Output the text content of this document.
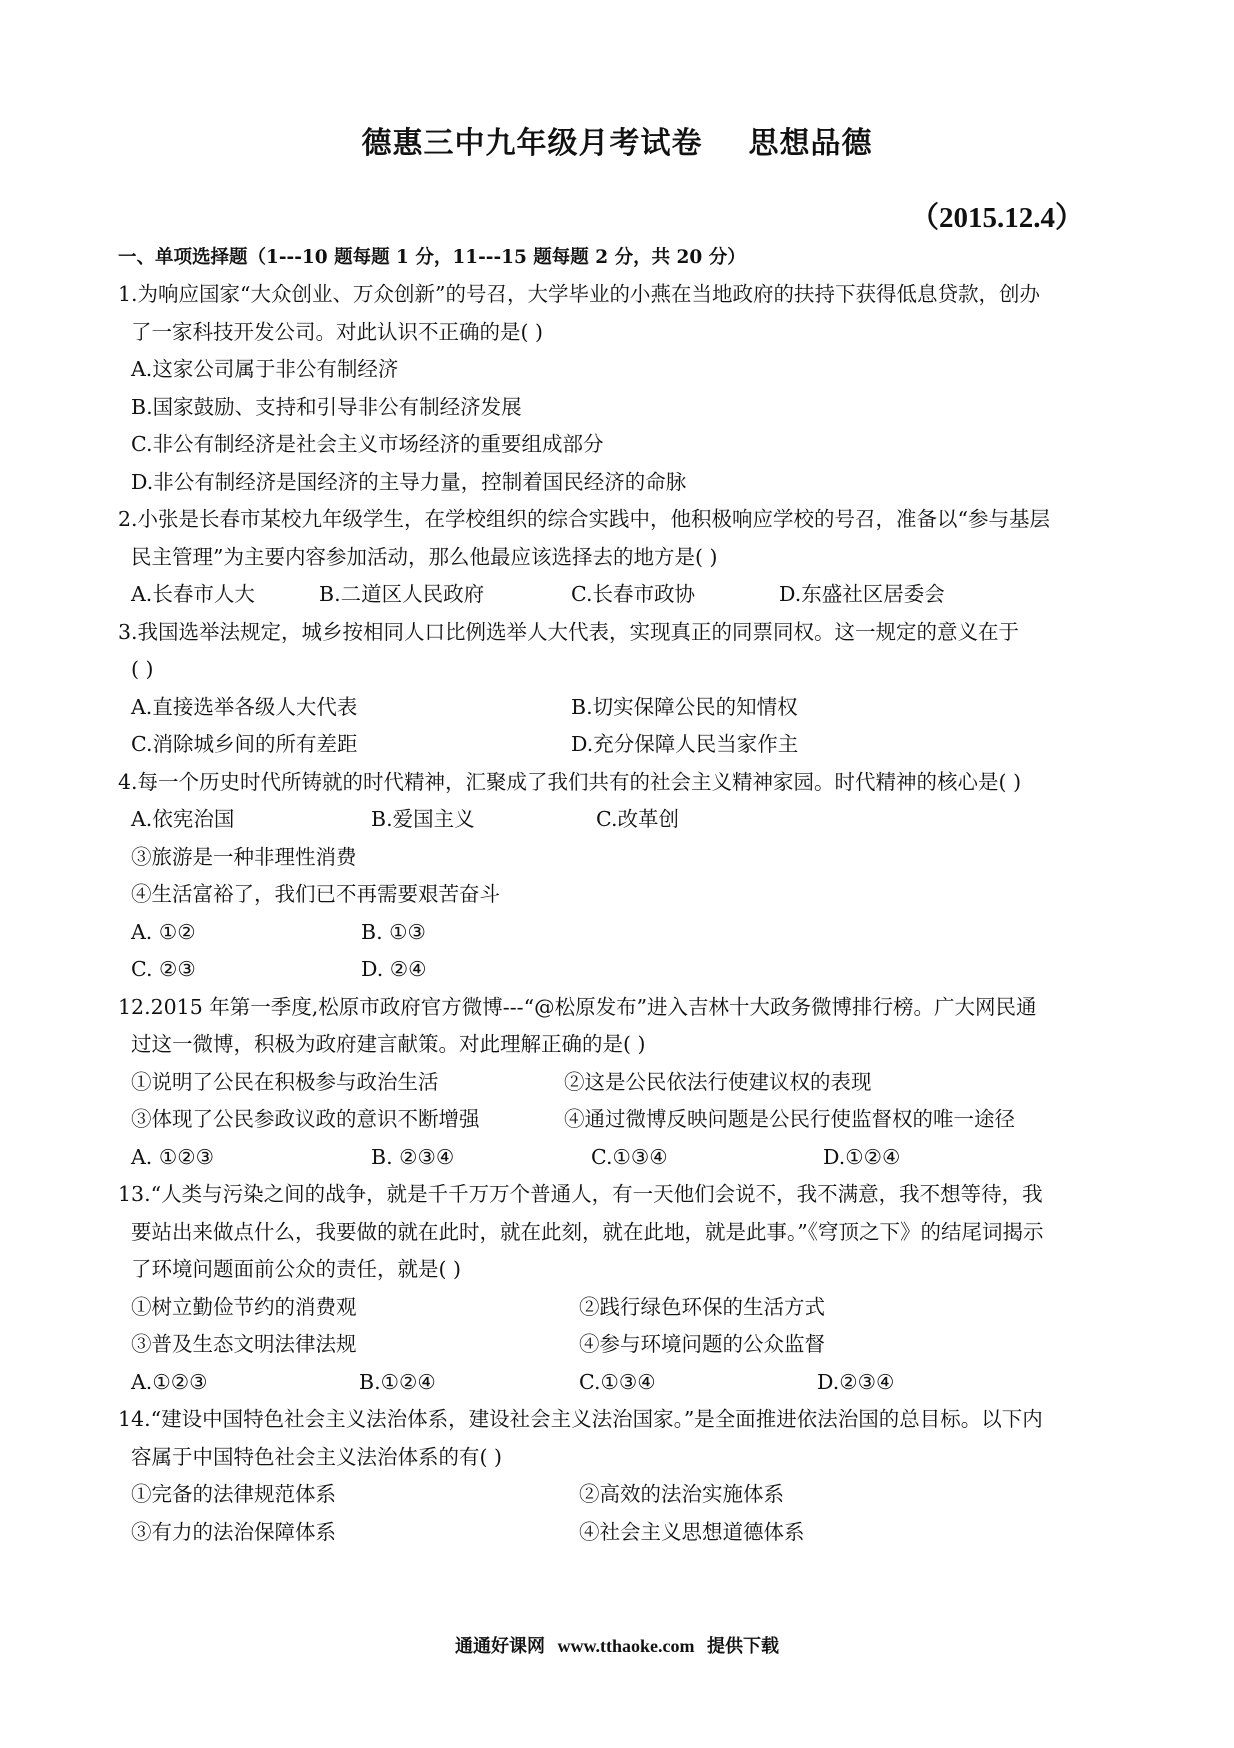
德惠三中九年级月考试卷 思想品德
（2015.12.4）
一、单项选择题（1---10 题每题 1 分，11---15 题每题 2 分，共 20 分）
1.为响应国家“大众创业、万众创新”的号召，大学毕业的小燕在当地政府的扶持下获得低息贷款，创办
了一家科技开发公司。对此认识不正确的是( )
A.这家公司属于非公有制经济
B.国家鼓励、支持和引导非公有制经济发展
C.非公有制经济是社会主义市场经济的重要组成部分
D.非公有制经济是国经济的主导力量，控制着国民经济的命脉
2.小张是长春市某校九年级学生，在学校组织的综合实践中，他积极响应学校的号召，准备以“参与基层
民主管理”为主要内容参加活动，那么他最应该选择去的地方是( )
A.长春市人大	B.二道区人民政府	C.长春市政协	D.东盛社区居委会
3.我国选举法规定，城乡按相同人口比例选举人大代表，实现真正的同票同权。这一规定的意义在于
( )
A.直接选举各级人大代表	B.切实保障公民的知情权
C.消除城乡间的所有差距	D.充分保障人民当家作主
4.每一个历史时代所铸就的时代精神，汇聚成了我们共有的社会主义精神家园。时代精神的核心是( )
A.依宪治国	B.爱国主义	C.改革创
③旅游是一种非理性消费
④生活富裕了，我们已不再需要艰苦奋斗
A. ①②	B. ①③
C. ②③	D. ②④
12.2015 年第一季度,松原市政府官方微博---“@松原发布”进入吉林十大政务微博排行榜。广大网民通
过这一微博，积极为政府建言献策。对此理解正确的是( )
①说明了公民在积极参与政治生活	②这是公民依法行使建议权的表现
③体现了公民参政议政的意识不断增强	④通过微博反映问题是公民行使监督权的唯一途径
A. ①②③	B. ②③④	C.①③④	D.①②④
13.“人类与污染之间的战争，就是千千万万个普通人，有一天他们会说不，我不满意，我不想等待，我
要站出来做点什么，我要做的就在此时，就在此刻，就在此地，就是此事。”《穹顶之下》的结尾词揭示
了环境问题面前公众的责任，就是( )
①树立勤俭节约的消费观	②践行绿色环保的生活方式
③普及生态文明法律法规	④参与环境问题的公众监督
A.①②③	B.①②④	C.①③④	D.②③④
14.“建设中国特色社会主义法治体系，建设社会主义法治国家。”是全面推进依法治国的总目标。以下内
容属于中国特色社会主义法治体系的有( )
①完备的法律规范体系	②高效的法治实施体系
③有力的法治保障体系	④社会主义思想道德体系
通通好课网 www.tthaoke.com 提供下载
